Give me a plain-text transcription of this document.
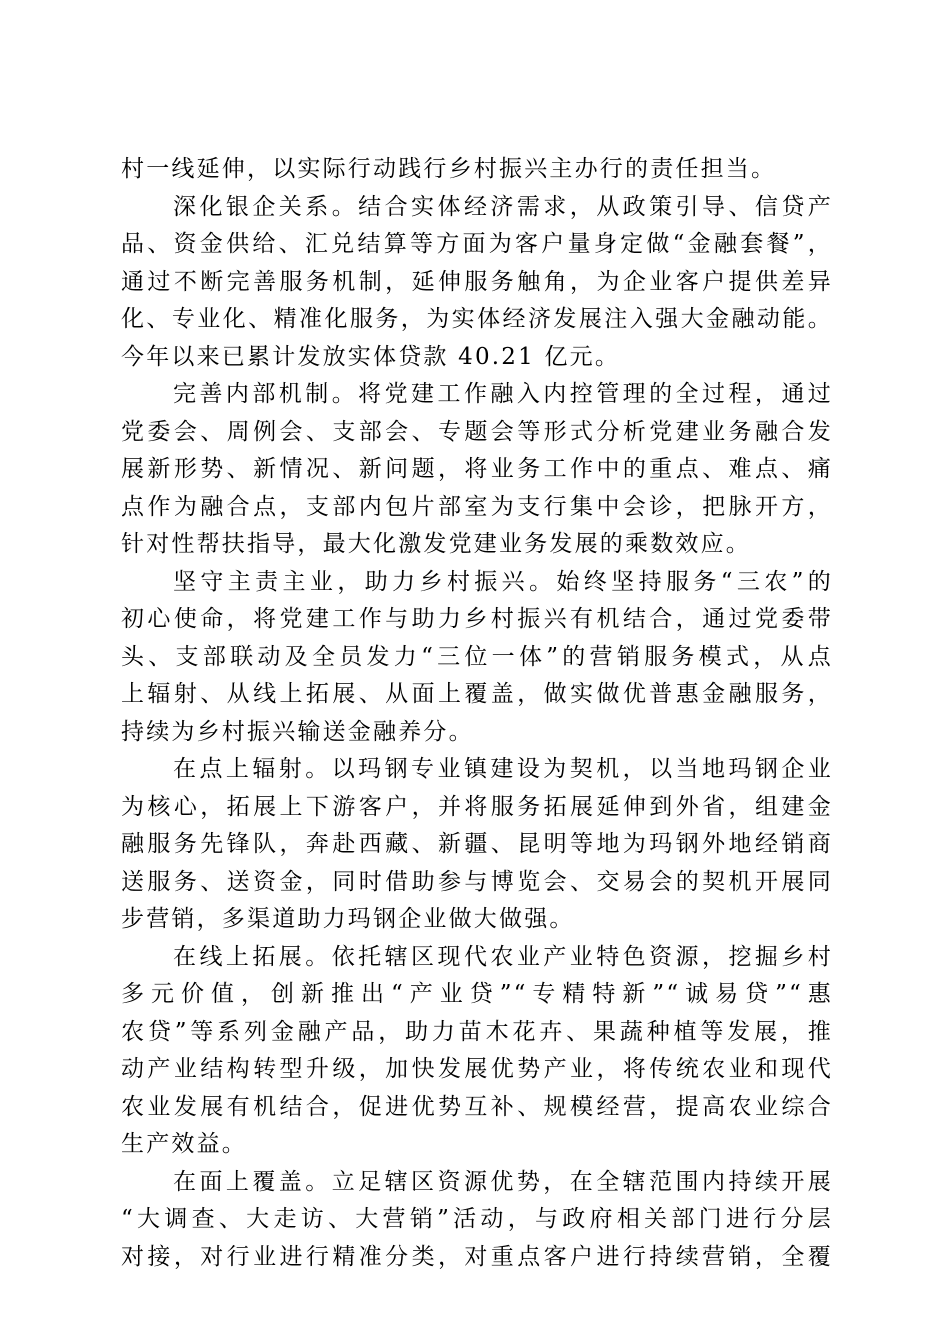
村一线延伸，以实际行动践行乡村振兴主办行的责任担当。
深化银企关系。结合实体经济需求，从政策引导、信贷产
品、资金供给、汇兑结算等方面为客户量身定做“金融套餐”，
通过不断完善服务机制，延伸服务触角，为企业客户提供差异
化、专业化、精准化服务，为实体经济发展注入强大金融动能。
今年以来已累计发放实体贷款 40.21 亿元。
完善内部机制。将党建工作融入内控管理的全过程，通过
党委会、周例会、支部会、专题会等形式分析党建业务融合发
展新形势、新情况、新问题，将业务工作中的重点、难点、痛
点作为融合点，支部内包片部室为支行集中会诊，把脉开方，
针对性帮扶指导，最大化激发党建业务发展的乘数效应。
坚守主责主业，助力乡村振兴。始终坚持服务“三农”的
初心使命，将党建工作与助力乡村振兴有机结合，通过党委带
头、支部联动及全员发力“三位一体”的营销服务模式，从点
上辐射、从线上拓展、从面上覆盖，做实做优普惠金融服务，
持续为乡村振兴输送金融养分。
在点上辐射。以玛钢专业镇建设为契机，以当地玛钢企业
为核心，拓展上下游客户，并将服务拓展延伸到外省，组建金
融服务先锋队，奔赴西藏、新疆、昆明等地为玛钢外地经销商
送服务、送资金，同时借助参与博览会、交易会的契机开展同
步营销，多渠道助力玛钢企业做大做强。
在线上拓展。依托辖区现代农业产业特色资源，挖掘乡村
多元价值，创新推出“产业贷”“专精特新”“诚易贷”“惠
农贷”等系列金融产品，助力苗木花卉、果蔬种植等发展，推
动产业结构转型升级，加快发展优势产业，将传统农业和现代
农业发展有机结合，促进优势互补、规模经营，提高农业综合
生产效益。
在面上覆盖。立足辖区资源优势，在全辖范围内持续开展
“大调查、大走访、大营销”活动，与政府相关部门进行分层
对接，对行业进行精准分类，对重点客户进行持续营销，全覆
